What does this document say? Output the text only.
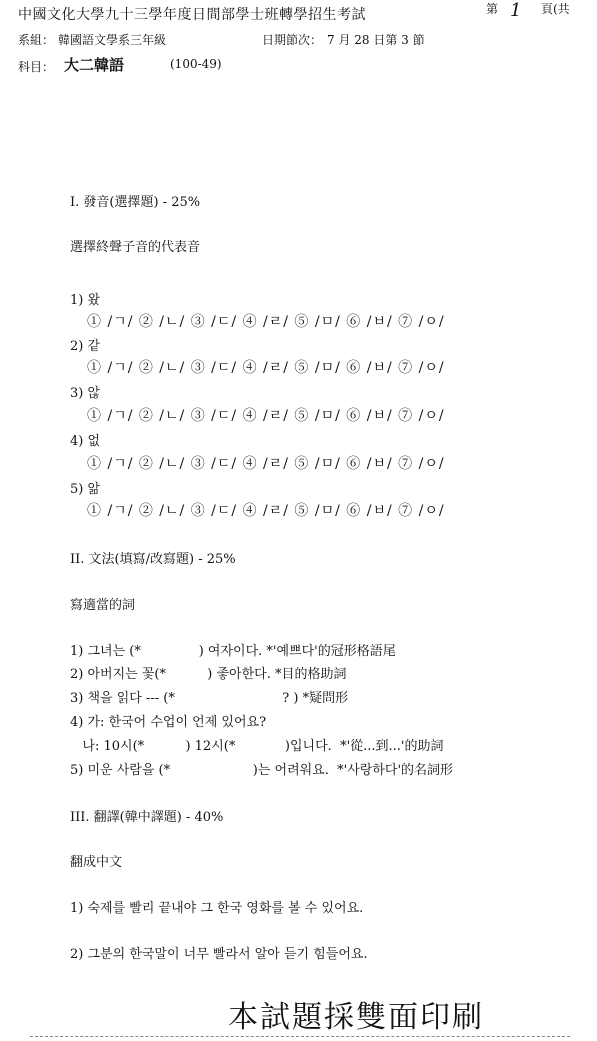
中國文化大學九十三學年度日間部學士班轉學招生考試	第 1 頁(共
系組： 韓國語文學系三年級	日期節次： 7 月 28 日第 3 節
科目： 大二韓語	(100-49)
I. 發音(選擇題) - 25%
選擇終聲子音的代表音
1) 왔
① /ㄱ/ ② /ㄴ/ ③ /ㄷ/ ④ /ㄹ/ ⑤ /ㅁ/ ⑥ /ㅂ/ ⑦ /ㅇ/
2) 같
① /ㄱ/ ② /ㄴ/ ③ /ㄷ/ ④ /ㄹ/ ⑤ /ㅁ/ ⑥ /ㅂ/ ⑦ /ㅇ/
3) 않
① /ㄱ/ ② /ㄴ/ ③ /ㄷ/ ④ /ㄹ/ ⑤ /ㅁ/ ⑥ /ㅂ/ ⑦ /ㅇ/
4) 없
① /ㄱ/ ② /ㄴ/ ③ /ㄷ/ ④ /ㄹ/ ⑤ /ㅁ/ ⑥ /ㅂ/ ⑦ /ㅇ/
5) 앎
① /ㄱ/ ② /ㄴ/ ③ /ㄷ/ ④ /ㄹ/ ⑤ /ㅁ/ ⑥ /ㅂ/ ⑦ /ㅇ/
II. 文法(填寫/改寫題) - 25%
寫適當的詞
1) 그녀는 (*              ) 여자이다. *'예쁘다'的冠形格語尾
2) 아버지는 꽃(*          ) 좋아한다. *目的格助詞
3) 책을 읽다 --- (*                          ? ) *疑問形
4) 가: 한국어 수업이 언제 있어요?
나: 10시(*          ) 12시(*            )입니다.  *'從...到...'的助詞
5) 미운 사람을 (*                    )는 어려워요.  *'사랑하다'的名詞形
III. 翻譯(韓中譯題) - 40%
翻成中文
1) 숙제를 빨리 끝내야 그 한국 영화를 볼 수 있어요.
2) 그분의 한국말이 너무 빨라서 알아 듣기 힘들어요.
本試題採雙面印刷
